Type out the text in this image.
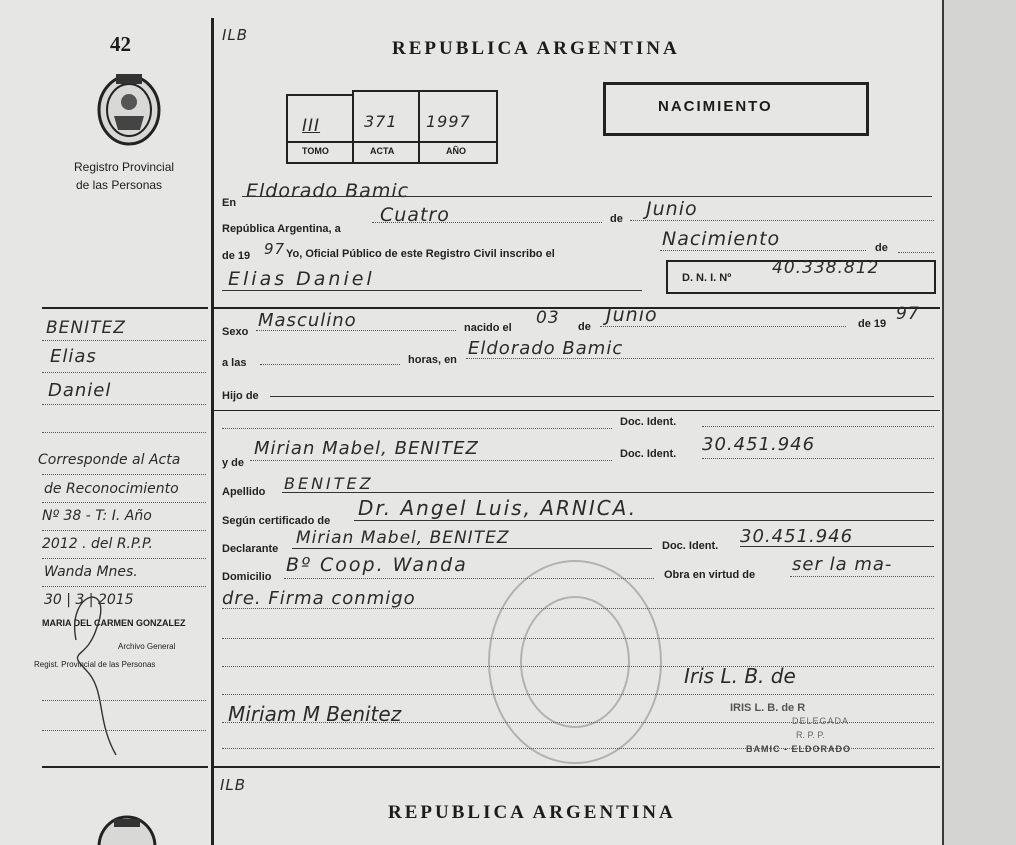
42
Registro Provincial
de las Personas
BENITEZ
Elias
Daniel
Corresponde al Acta
de Reconocimiento
Nº 38 - T: I. Año
2012 . del R.P.P.
Wanda Mnes.
30 | 3 | 2015
MARIA DEL CARMEN GONZALEZ
Archivo General
Regist. Provincial de las Personas
ILB
REPUBLICA ARGENTINA
III	371 1997
TOMO	ACTA	AÑO
NACIMIENTO
En
Eldorado Bamic
República Argentina, a
Cuatro	de Junio
de 19 97 Yo, Oficial Público de este Registro Civil inscribo el
Nacimiento	de
Elias Daniel	D. N. I. Nº 40.338.812
Sexo
Masculino	nacido el 03 de
Junio	de 19 97
a las	horas, en
Eldorado Bamic
Hijo de
Doc. Ident.
y de
Mirian Mabel, BENITEZ	Doc. Ident. 30.451.946
Apellido BENITEZ
Según certificado de
Dr. Angel Luis, ARNICA.
Declarante
Mirian Mabel, BENITEZ	Doc. Ident. 30.451.946
Domicilio
Bº Coop. Wanda	Obra en virtud de ser la ma-
dre. Firma conmigo
Miriam M Benitez
Iris L. B. de
IRIS L. B. de R
DELEGADA
R. P. P.
BAMIC - ELDORADO
ILB
REPUBLICA ARGENTINA
